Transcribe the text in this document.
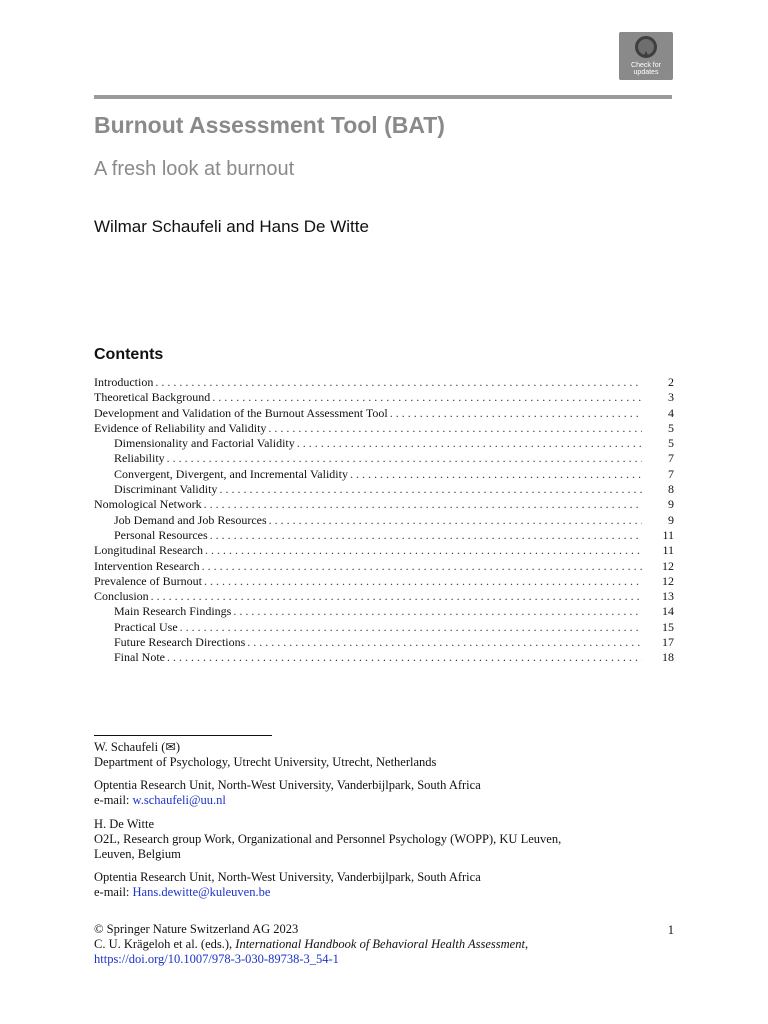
Check for
updates
Burnout Assessment Tool (BAT)
A fresh look at burnout
Wilmar Schaufeli and Hans De Witte
Contents
Introduction . . .	2
Theoretical Background . . .	3
Development and Validation of the Burnout Assessment Tool . . .	4
Evidence of Reliability and Validity . . .	5
Dimensionality and Factorial Validity . . .	5
Reliability . . .	7
Convergent, Divergent, and Incremental Validity . . .	7
Discriminant Validity . . .	8
Nomological Network . . .	9
Job Demand and Job Resources . . .	9
Personal Resources . . .	11
Longitudinal Research . . .	11
Intervention Research . . .	12
Prevalence of Burnout . . .	12
Conclusion . . .	13
Main Research Findings . . .	14
Practical Use . . .	15
Future Research Directions . . .	17
Final Note . . .	18
W. Schaufeli (✉)
Department of Psychology, Utrecht University, Utrecht, Netherlands
Optentia Research Unit, North-West University, Vanderbijlpark, South Africa
e-mail: w.schaufeli@uu.nl
H. De Witte
O2L, Research group Work, Organizational and Personnel Psychology (WOPP), KU Leuven,
Leuven, Belgium
Optentia Research Unit, North-West University, Vanderbijlpark, South Africa
e-mail: Hans.dewitte@kuleuven.be
© Springer Nature Switzerland AG 2023
C. U. Krägeloh et al. (eds.), International Handbook of Behavioral Health Assessment,
https://doi.org/10.1007/978-3-030-89738-3_54-1
1
